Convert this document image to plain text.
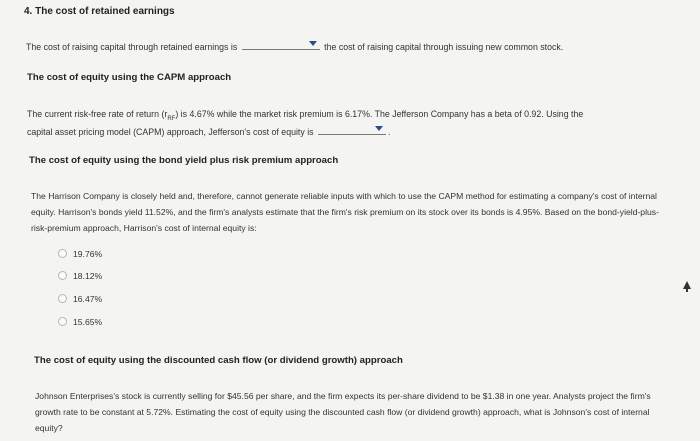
4. The cost of retained earnings
The cost of raising capital through retained earnings is	the cost of raising capital through issuing new common stock.
The cost of equity using the CAPM approach
The current risk-free rate of return $(r_{RF})$ is 4.67% while the market risk premium is 6.17%. The Jefferson Company has a beta of 0.92. Using the
capital asset pricing model (CAPM) approach, Jefferson's cost of equity is	.
The cost of equity using the bond yield plus risk premium approach
The Harrison Company is closely held and, therefore, cannot generate reliable inputs with which to use the CAPM method for estimating a company's cost of internal equity. Harrison's bonds yield 11.52%, and the firm's analysts estimate that the firm's risk premium on its stock over its bonds is 4.95%. Based on the bond-yield-plus-risk-premium approach, Harrison's cost of internal equity is:
19.76%
18.12%
16.47%
15.65%
The cost of equity using the discounted cash flow (or dividend growth) approach
Johnson Enterprises's stock is currently selling for $45.56 per share, and the firm expects its per-share dividend to be $1.38 in one year. Analysts project the firm's growth rate to be constant at 5.72%. Estimating the cost of equity using the discounted cash flow (or dividend growth) approach, what is Johnson's cost of internal equity?
